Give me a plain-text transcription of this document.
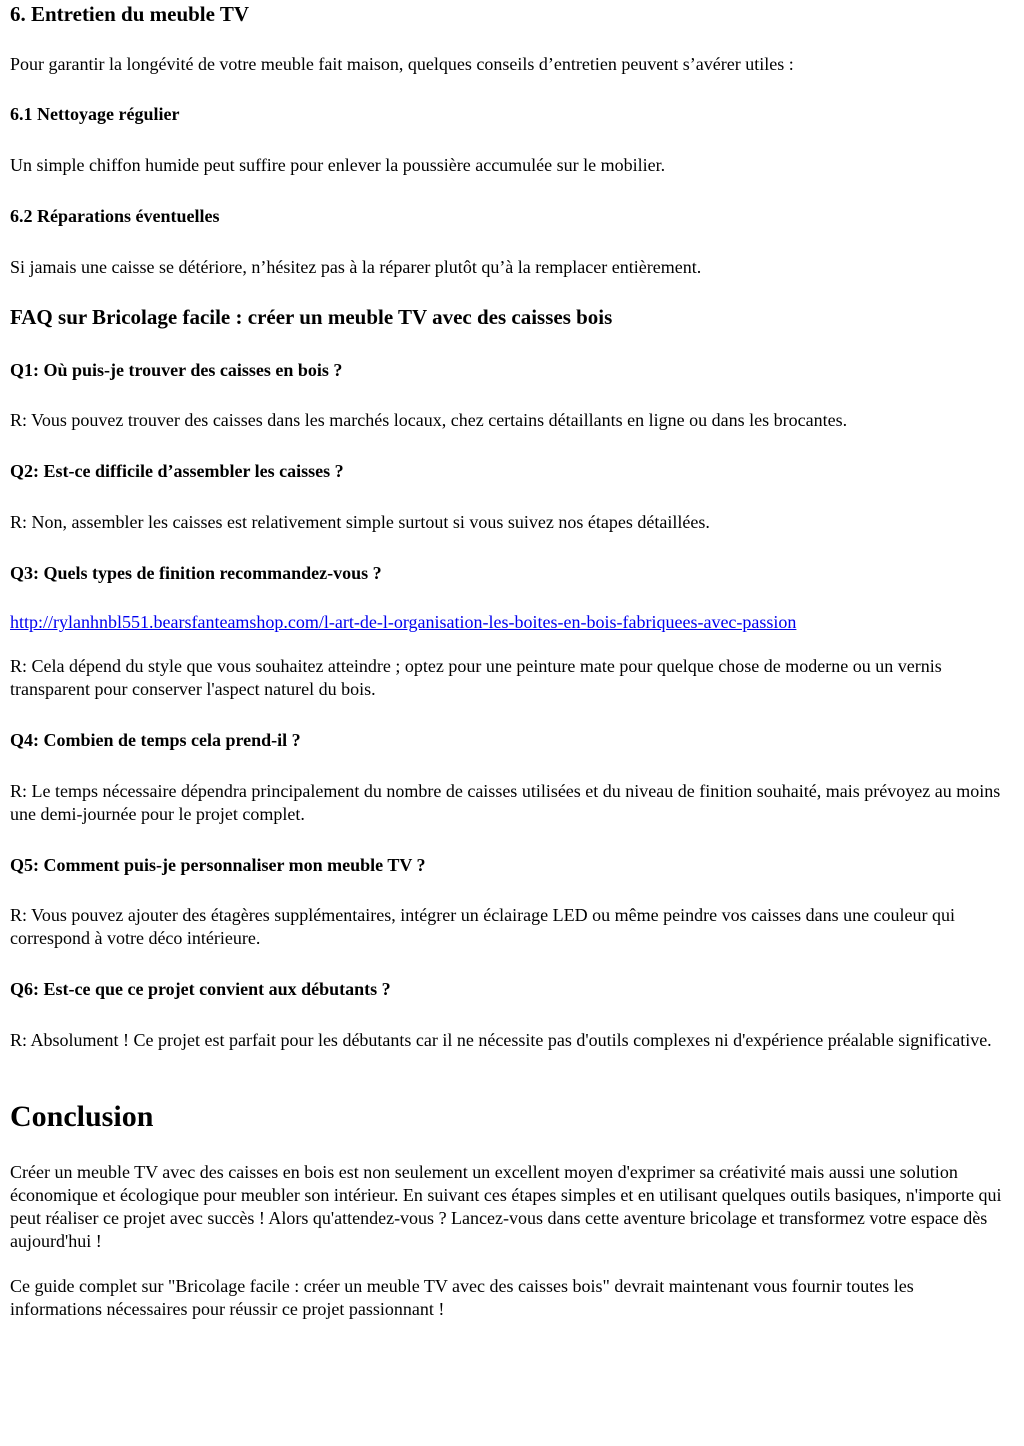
6. Entretien du meuble TV

Pour garantir la longévité de votre meuble fait maison, quelques conseils d’entretien peuvent s’avérer utiles :

6.1 Nettoyage régulier

Un simple chiffon humide peut suffire pour enlever la poussière accumulée sur le mobilier.

6.2 Réparations éventuelles

Si jamais une caisse se détériore, n’hésitez pas à la réparer plutôt qu’à la remplacer entièrement.

FAQ sur Bricolage facile : créer un meuble TV avec des caisses bois
Q1: Où puis-je trouver des caisses en bois ?

R: Vous pouvez trouver des caisses dans les marchés locaux, chez certains détaillants en ligne ou dans les brocantes.

Q2: Est-ce difficile d’assembler les caisses ?

R: Non, assembler les caisses est relativement simple surtout si vous suivez nos étapes détaillées.

Q3: Quels types de finition recommandez-vous ?
http://rylanhnbl551.bearsfanteamshop.com/l-art-de-l-organisation-les-boites-en-bois-fabriquees-avec-passion

R: Cela dépend du style que vous souhaitez atteindre ; optez pour une peinture mate pour quelque chose de moderne ou un vernis transparent pour conserver l'aspect naturel du bois.

Q4: Combien de temps cela prend-il ?

R: Le temps nécessaire dépendra principalement du nombre de caisses utilisées et du niveau de finition souhaité, mais prévoyez au moins une demi-journée pour le projet complet.

Q5: Comment puis-je personnaliser mon meuble TV ?

R: Vous pouvez ajouter des étagères supplémentaires, intégrer un éclairage LED ou même peindre vos caisses dans une couleur qui correspond à votre déco intérieure.

Q6: Est-ce que ce projet convient aux débutants ?

R: Absolument ! Ce projet est parfait pour les débutants car il ne nécessite pas d'outils complexes ni d'expérience préalable significative.

Conclusion

Créer un meuble TV avec des caisses en bois est non seulement un excellent moyen d'exprimer sa créativité mais aussi une solution économique et écologique pour meubler son intérieur. En suivant ces étapes simples et en utilisant quelques outils basiques, n'importe qui peut réaliser ce projet avec succès ! Alors qu'attendez-vous ? Lancez-vous dans cette aventure bricolage et transformez votre espace dès aujourd'hui !

Ce guide complet sur "Bricolage facile : créer un meuble TV avec des caisses bois" devrait maintenant vous fournir toutes les informations nécessaires pour réussir ce projet passionnant !
